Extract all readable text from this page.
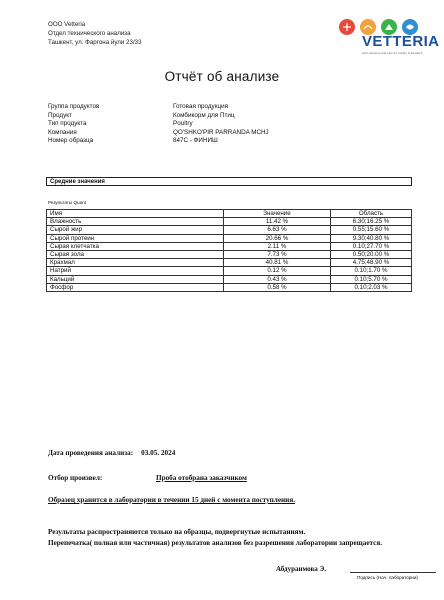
ООО Vetteria
Отдел технического анализа
Ташкент, ул. Фаргона йули 23/33	VETTERIA
best solutions and care for poultry & livestock
Отчёт об анализе
Группа продуктов	Готовая продукция
Продукт	Комбикорм для Птиц
Тип продукта	Poultry
Компания	QO'SHKO'PIR PARRANDA MCHJ
Номер образца	847C - ФИНИШ
Средние значения
Результаты Quant
Имя	Значение	Область
Влажность	11.42 %	6.30;16.25 %
Сырой жир	6.63 %	0.55;15.60 %
Сырой протеин	20.66 %	9.30;40.80 %
Сырая клетчатка	2.11 %	0.10;27.70 %
Сырая зола	7.73 %	0.50;20.00 %
Крахмал	40.81 %	4.75;48.90 %
Натрий	0.12 %	0.10;1.70 %
Кальций	0.43 %	0.10;5.70 %
Фосфор	0.58 %	0.10;2.03 %
Дата проведения анализа: 03.05. 2024
Отбор произвел:	Проба отобрана заказчиком
Образец хранится в лаборатории в течении 15 дней с момента поступления.

Результаты распространяются только на образцы, подвергнутые испытаниям.

Перепечатка( полная или частичная) результатов анализов без разрешения лаборатории запрещается.

Абдураимова Э.
Подпись (Нач. лаборатории)
